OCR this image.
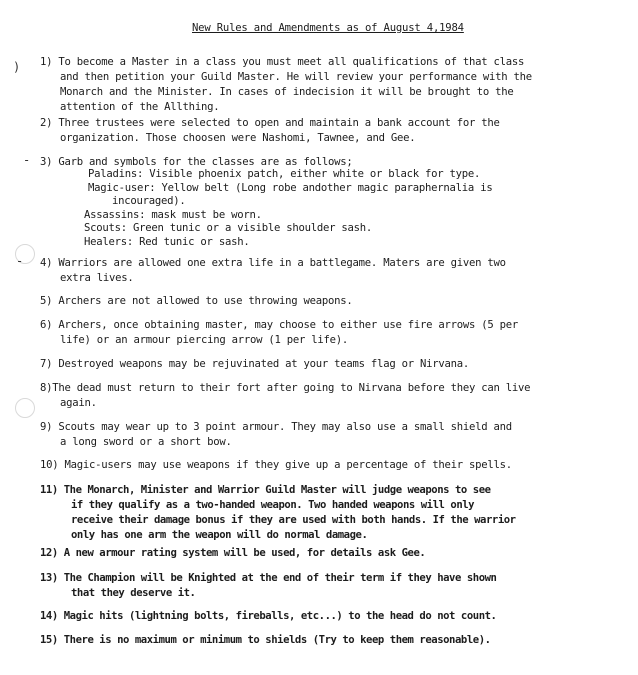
)
-
-
New Rules and Amendments as of August 4,1984
1) To become a Master in a class you must meet all qualifications of that class
and then petition your Guild Master. He will review your performance with the
Monarch and the Minister. In cases of indecision it will be brought to the
attention of the Allthing.
2) Three trustees were selected to open and maintain a bank account for the
organization. Those choosen were Nashomi, Tawnee, and Gee.
3) Garb and symbols for the classes are as follows;
Paladins: Visible phoenix patch, either white or black for type.
Magic-user: Yellow belt (Long robe andother magic paraphernalia is
incouraged).
Assassins: mask must be worn.
Scouts: Green tunic or a visible shoulder sash.
Healers: Red tunic or sash.
4) Warriors are allowed one extra life in a battlegame. Maters are given two
extra lives.
5) Archers are not allowed to use throwing weapons.
6) Archers, once obtaining master, may choose to either use fire arrows (5 per
life) or an armour piercing arrow (1 per life).
7) Destroyed weapons may be rejuvinated at your teams flag or Nirvana.
8)The dead must return to their fort after going to Nirvana before they can live
again.
9) Scouts may wear up to 3 point armour. They may also use a small shield and
a long sword or a short bow.
10) Magic-users may use weapons if they give up a percentage of their spells.
11) The Monarch, Minister and Warrior Guild Master will judge weapons to see
if they qualify as a two-handed weapon. Two handed weapons will only
receive their damage bonus if they are used with both hands. If the warrior
only has one arm the weapon will do normal damage.
12) A new armour rating system will be used, for details ask Gee.
13) The Champion will be Knighted at the end of their term if they have shown
that they deserve it.
14) Magic hits (lightning bolts, fireballs, etc...) to the head do not count.
15) There is no maximum or minimum to shields (Try to keep them reasonable).
